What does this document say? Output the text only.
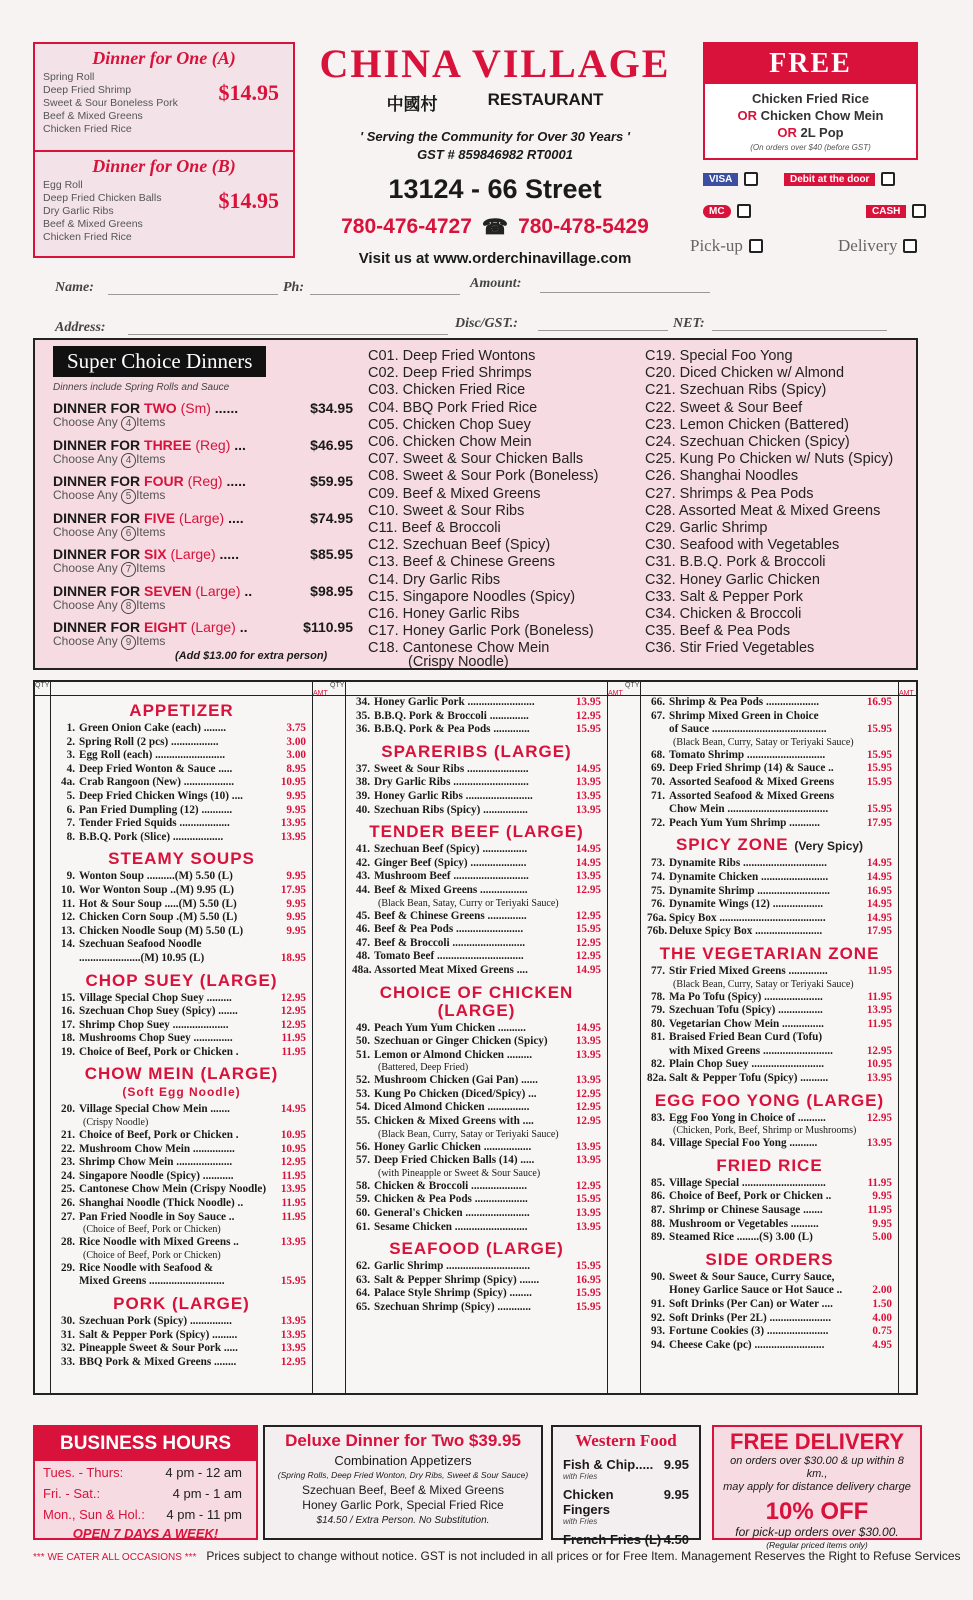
Dinner for One (A)
Spring Roll
Deep Fried Shrimp
Sweet & Sour Boneless Pork
Beef & Mixed Greens
Chicken Fried Rice
$14.95
Dinner for One (B)
Egg Roll
Deep Fried Chicken Balls
Dry Garlic Ribs
Beef & Mixed Greens
Chicken Fried Rice
$14.95
CHINA VILLAGE
中國村	RESTAURANT
' Serving the Community for Over 30 Years '
GST # 859846982 RT0001
13124 - 66 Street
780-476-4727 ☎ 780-478-5429
Visit us at www.orderchinavillage.com
FREE
Chicken Fried Rice
OR Chicken Chow Mein
OR 2L Pop
(On orders over $40 (before GST)
VISA	Debit at the door
MC	CASH
Pick-up	Delivery
Name:	Ph:	Amount:
Address:	Disc/GST.:	NET:
Super Choice Dinners
Dinners include Spring Rolls and Sauce
DINNER FOR TWO (Sm) ......	$34.95
Choose Any 4 Items
DINNER FOR THREE (Reg) ...	$46.95
Choose Any 4 Items
DINNER FOR FOUR (Reg) .....	$59.95
Choose Any 5 Items
DINNER FOR FIVE (Large) ....	$74.95
Choose Any 6 Items
DINNER FOR SIX (Large) .....	$85.95
Choose Any 7 Items
DINNER FOR SEVEN (Large) ..	$98.95
Choose Any 8 Items
DINNER FOR EIGHT (Large) ..	$110.95
Choose Any 9 Items
(Add $13.00 for extra person)
C01. Deep Fried Wontons
C02. Deep Fried Shrimps
C03. Chicken Fried Rice
C04. BBQ Pork Fried Rice
C05. Chicken Chop Suey
C06. Chicken Chow Mein
C07. Sweet & Sour Chicken Balls
C08. Sweet & Sour Pork (Boneless)
C09. Beef & Mixed Greens
C10. Sweet & Sour Ribs
C11. Beef & Broccoli
C12. Szechuan Beef (Spicy)
C13. Beef & Chinese Greens
C14. Dry Garlic Ribs
C15. Singapore Noodles (Spicy)
C16. Honey Garlic Ribs
C17. Honey Garlic Pork (Boneless)
C18. Cantonese Chow Mein
(Crispy Noodle)
C19. Special Foo Yong
C20. Diced Chicken w/ Almond
C21. Szechuan Ribs (Spicy)
C22. Sweet & Sour Beef
C23. Lemon Chicken (Battered)
C24. Szechuan Chicken (Spicy)
C25. Kung Po Chicken w/ Nuts (Spicy)
C26. Shanghai Noodles
C27. Shrimps & Pea Pods
C28. Assorted Meat & Mixed Greens
C29. Garlic Shrimp
C30. Seafood with Vegetables
C31. B.B.Q. Pork & Broccoli
C32. Honey Garlic Chicken
C33. Salt & Pepper Pork
C34. Chicken & Broccoli
C35. Beef & Pea Pods
C36. Stir Fried Vegetables
QTY
AMT
APPETIZER
1. Green Onion Cake (each) ........	3.75
2. Spring Roll (2 pcs) .................	3.00
3. Egg Roll (each) .........................	3.00
4. Deep Fried Wonton & Sauce .....	8.95
4a. Crab Rangoon (New) ..................	10.95
5. Deep Fried Chicken Wings (10) ....	9.95
6. Pan Fried Dumpling (12) ...........	9.95
7. Tender Fried Squids ..................	13.95
8. B.B.Q. Pork (Slice) ..................	13.95
STEAMY SOUPS
9. Wonton Soup ..........(M) 5.50 (L)	9.95
10. Wor Wonton Soup ..(M) 9.95 (L)	17.95
11. Hot & Sour Soup .....(M) 5.50 (L)	9.95
12. Chicken Corn Soup .(M) 5.50 (L)	9.95
13. Chicken Noodle Soup (M) 5.50 (L)	9.95
14. Szechuan Seafood Noodle
......................(M) 10.95 (L)	18.95
CHOP SUEY (LARGE)
15. Village Special Chop Suey .........	12.95
16. Szechuan Chop Suey (Spicy) .......	12.95
17. Shrimp Chop Suey ....................	12.95
18. Mushrooms Chop Suey ..............	11.95
19. Choice of Beef, Pork or Chicken .	11.95
CHOW MEIN (LARGE)
(Soft Egg Noodle)
20. Village Special Chow Mein .......	14.95
(Crispy Noodle)
21. Choice of Beef, Pork or Chicken .	10.95
22. Mushroom Chow Mein ...............	10.95
23. Shrimp Chow Mein ....................	12.95
24. Singapore Noodle (Spicy) ...........	11.95
25. Cantonese Chow Mein (Crispy Noodle)	13.95
26. Shanghai Noodle (Thick Noodle) ..	11.95
27. Pan Fried Noodle in Soy Sauce ..	11.95
(Choice of Beef, Pork or Chicken)
28. Rice Noodle with Mixed Greens ..	13.95
(Choice of Beef, Pork or Chicken)
29. Rice Noodle with Seafood &
Mixed Greens ...........................	15.95
PORK (LARGE)
30. Szechuan Pork (Spicy) ...............	13.95
31. Salt & Pepper Pork (Spicy) .........	13.95
32. Pineapple Sweet & Sour Pork .....	13.95
33. BBQ Pork & Mixed Greens ........	12.95
QTY
AMT
34. Honey Garlic Pork ........................	13.95
35. B.B.Q. Pork & Broccoli ..............	12.95
36. B.B.Q. Pork & Pea Pods .............	15.95
SPARERIBS (LARGE)
37. Sweet & Sour Ribs ......................	14.95
38. Dry Garlic Ribs ...........................	13.95
39. Honey Garlic Ribs ........................	13.95
40. Szechuan Ribs (Spicy) ................	13.95
TENDER BEEF (LARGE)
41. Szechuan Beef (Spicy) ................	14.95
42. Ginger Beef (Spicy) ....................	14.95
43. Mushroom Beef ...........................	13.95
44. Beef & Mixed Greens .................	12.95
(Black Bean, Satay, Curry or Teriyaki Sauce)
45. Beef & Chinese Greens ..............	12.95
46. Beef & Pea Pods ........................	15.95
47. Beef & Broccoli ..........................	12.95
48. Tomato Beef ...............................	12.95
48a. Assorted Meat Mixed Greens ....	14.95
CHOICE OF CHICKEN
(LARGE)
49. Peach Yum Yum Chicken ..........	14.95
50. Szechuan or Ginger Chicken (Spicy)	13.95
51. Lemon or Almond Chicken .........	13.95
(Battered, Deep Fried)
52. Mushroom Chicken (Gai Pan) ......	13.95
53. Kung Po Chicken (Diced/Spicy) ...	12.95
54. Diced Almond Chicken ...............	12.95
55. Chicken & Mixed Greens with ....	12.95
(Black Bean, Curry, Satay or Teriyaki Sauce)
56. Honey Garlic Chicken .................	13.95
57. Deep Fried Chicken Balls (14) .....	13.95
(with Pineapple or Sweet & Sour Sauce)
58. Chicken & Broccoli ....................	12.95
59. Chicken & Pea Pods ...................	15.95
60. General's Chicken .......................	13.95
61. Sesame Chicken ..........................	13.95
SEAFOOD (LARGE)
62. Garlic Shrimp ..............................	15.95
63. Salt & Pepper Shrimp (Spicy) .......	16.95
64. Palace Style Shrimp (Spicy) ........	15.95
65. Szechuan Shrimp (Spicy) ............	15.95
QTY
AMT
66. Shrimp & Pea Pods ...................	16.95
67. Shrimp Mixed Green in Choice
of Sauce .........................................	15.95
(Black Bean, Curry, Satay or Teriyaki Sauce)
68. Tomato Shrimp ............................	15.95
69. Deep Fried Shrimp (14) & Sauce ..	15.95
70. Assorted Seafood & Mixed Greens	15.95
71. Assorted Seafood & Mixed Greens
Chow Mein ....................................	15.95
72. Peach Yum Yum Shrimp ...........	17.95
SPICY ZONE (Very Spicy)
73. Dynamite Ribs ..............................	14.95
74. Dynamite Chicken ........................	14.95
75. Dynamite Shrimp ..........................	16.95
76. Dynamite Wings (12) ..................	14.95
76a. Spicy Box ......................................	14.95
76b. Deluxe Spicy Box ........................	17.95
THE VEGETARIAN ZONE
77. Stir Fried Mixed Greens ..............	11.95
(Black Bean, Curry, Satay or Teriyaki Sauce)
78. Ma Po Tofu (Spicy) .....................	11.95
79. Szechuan Tofu (Spicy) ................	13.95
80. Vegetarian Chow Mein ...............	11.95
81. Braised Fried Bean Curd (Tofu)
with Mixed Greens .........................	12.95
82. Plain Chop Suey ..........................	10.95
82a. Salt & Pepper Tofu (Spicy) ..........	13.95
EGG FOO YONG (LARGE)
83. Egg Foo Yong in Choice of ..........	12.95
(Chicken, Pork, Beef, Shrimp or Mushrooms)
84. Village Special Foo Yong ..........	13.95
FRIED RICE
85. Village Special ..............................	11.95
86. Choice of Beef, Pork or Chicken ..	9.95
87. Shrimp or Chinese Sausage .......	11.95
88. Mushroom or Vegetables ..........	9.95
89. Steamed Rice ........(S) 3.00 (L)	5.00
SIDE ORDERS
90. Sweet & Sour Sauce, Curry Sauce,
Honey Garlice Sauce or Hot Sauce ..	2.00
91. Soft Drinks (Per Can) or Water ....	1.50
92. Soft Drinks (Per 2L) ......................	4.00
93. Fortune Cookies (3) ......................	0.75
94. Cheese Cake (pc) .........................	4.95
BUSINESS HOURS
Tues. - Thurs:	4 pm - 12 am
Fri. - Sat.:	4 pm - 1 am
Mon., Sun & Hol.: 4 pm - 11 pm
OPEN 7 DAYS A WEEK!
Deluxe Dinner for Two $39.95
Combination Appetizers
(Spring Rolls, Deep Fried Wonton, Dry Ribs, Sweet & Sour Sauce)
Szechuan Beef, Beef & Mixed Greens
Honey Garlic Pork, Special Fried Rice
$14.50 / Extra Person. No Substitution.
Western Food
Fish & Chip..... 9.95
with Fries
Chicken Fingers
9.95
with Fries
French Fries (L) 4.50
FREE DELIVERY
on orders over $30.00 & up within 8 km.,
may apply for distance delivery charge
10% OFF
for pick-up orders over $30.00.
(Regular priced items only)
*** WE CATER ALL OCCASIONS *** Prices subject to change without notice. GST is not included in all prices or for Free Item. Management Reserves the Right to Refuse Services
